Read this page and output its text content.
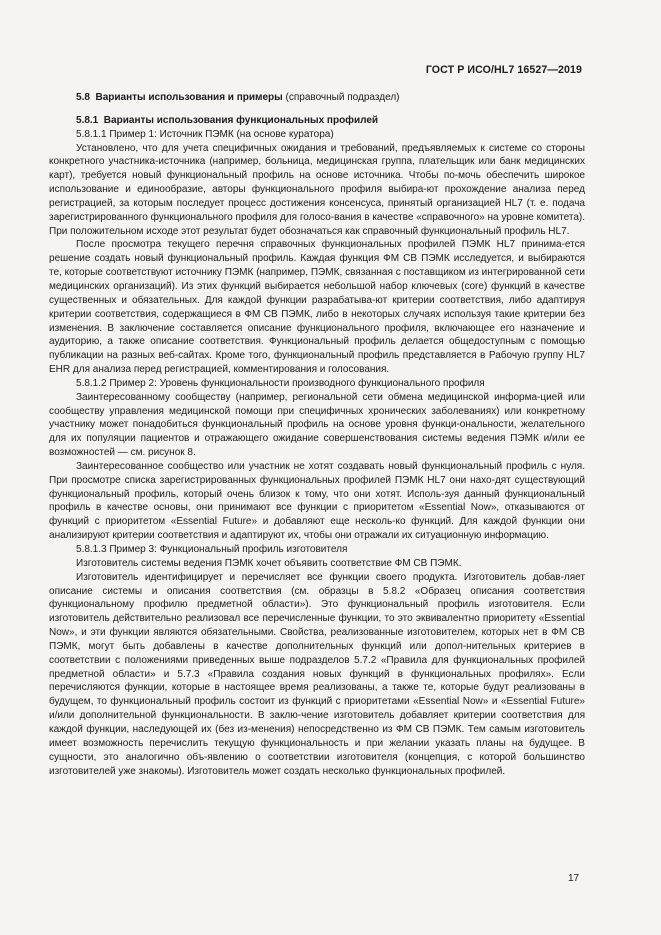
ГОСТ Р ИСО/HL7 16527—2019
5.8 Варианты использования и примеры (справочный подраздел)
5.8.1 Варианты использования функциональных профилей
5.8.1.1 Пример 1: Источник ПЭМК (на основе куратора)

Установлено, что для учета специфичных ожидания и требований, предъявляемых к системе со стороны конкретного участника-источника (например, больница, медицинская группа, плательщик или банк медицинских карт), требуется новый функциональный профиль на основе источника. Чтобы по-мочь обеспечить широкое использование и единообразие, авторы функционального профиля выбира-ют прохождение анализа перед регистрацией, за которым последует процесс достижения консенсуса, принятый организацией HL7 (т. е. подача зарегистрированного функционального профиля для голосо-вания в качестве «справочного» на уровне комитета). При положительном исходе этот результат будет обозначаться как справочный функциональный профиль HL7.

После просмотра текущего перечня справочных функциональных профилей ПЭМК HL7 принима-ется решение создать новый функциональный профиль. Каждая функция ФМ СВ ПЭМК исследуется, и выбираются те, которые соответствуют источнику ПЭМК (например, ПЭМК, связанная с поставщиком из интегрированной сети медицинских организаций). Из этих функций выбирается небольшой набор ключевых (core) функций в качестве существенных и обязательных. Для каждой функции разрабатыва-ют критерии соответствия, либо адаптируя критерии соответствия, содержащиеся в ФМ СВ ПЭМК, либо в некоторых случаях используя такие критерии без изменения. В заключение составляется описание функционального профиля, включающее его назначение и аудиторию, а также описание соответствия. Функциональный профиль делается общедоступным с помощью публикации на разных веб-сайтах. Кроме того, функциональный профиль представляется в Рабочую группу HL7 EHR для анализа перед регистрацией, комментирования и голосования.

5.8.1.2 Пример 2: Уровень функциональности производного функционального профиля

Заинтересованному сообществу (например, региональной сети обмена медицинской информа-цией или сообществу управления медицинской помощи при специфичных хронических заболеваниях) или конкретному участнику может понадобиться функциональный профиль на основе уровня функци-ональности, желательного для их популяции пациентов и отражающего ожидание совершенствования системы ведения ПЭМК и/или ее возможностей — см. рисунок 8.

Заинтересованное сообщество или участник не хотят создавать новый функциональный профиль с нуля. При просмотре списка зарегистрированных функциональных профилей ПЭМК HL7 они нахо-дят существующий функциональный профиль, который очень близок к тому, что они хотят. Исполь-зуя данный функциональный профиль в качестве основы, они принимают все функции с приоритетом «Essential Now», отказываются от функций с приоритетом «Essential Future» и добавляют еще несколь-ко функций. Для каждой функции они анализируют критерии соответствия и адаптируют их, чтобы они отражали их ситуационную информацию.

5.8.1.3 Пример 3: Функциональный профиль изготовителя

Изготовитель системы ведения ПЭМК хочет объявить соответствие ФМ СВ ПЭМК.

Изготовитель идентифицирует и перечисляет все функции своего продукта. Изготовитель добав-ляет описание системы и описания соответствия (см. образцы в 5.8.2 «Образец описания соответствия функциональному профилю предметной области»). Это функциональный профиль изготовителя. Если изготовитель действительно реализовал все перечисленные функции, то это эквивалентно приоритету «Essential Now», и эти функции являются обязательными. Свойства, реализованные изготовителем, которых нет в ФМ СВ ПЭМК, могут быть добавлены в качестве дополнительных функций или допол-нительных критериев в соответствии с положениями приведенных выше подразделов 5.7.2 «Правила для функциональных профилей предметной области» и 5.7.3 «Правила создания новых функций в функциональных профилях». Если перечисляются функции, которые в настоящее время реализованы, а также те, которые будут реализованы в будущем, то функциональный профиль состоит из функций с приоритетами «Essential Now» и «Essential Future» и/или дополнительной функциональности. В заклю-чение изготовитель добавляет критерии соответствия для каждой функции, наследующей их (без из-менения) непосредственно из ФМ СВ ПЭМК. Тем самым изготовитель имеет возможность перечислить текущую функциональность и при желании указать планы на будущее. В сущности, это аналогично объ-явлению о соответствии изготовителя (концепция, с которой большинство изготовителей уже знакомы). Изготовитель может создать несколько функциональных профилей.

17
